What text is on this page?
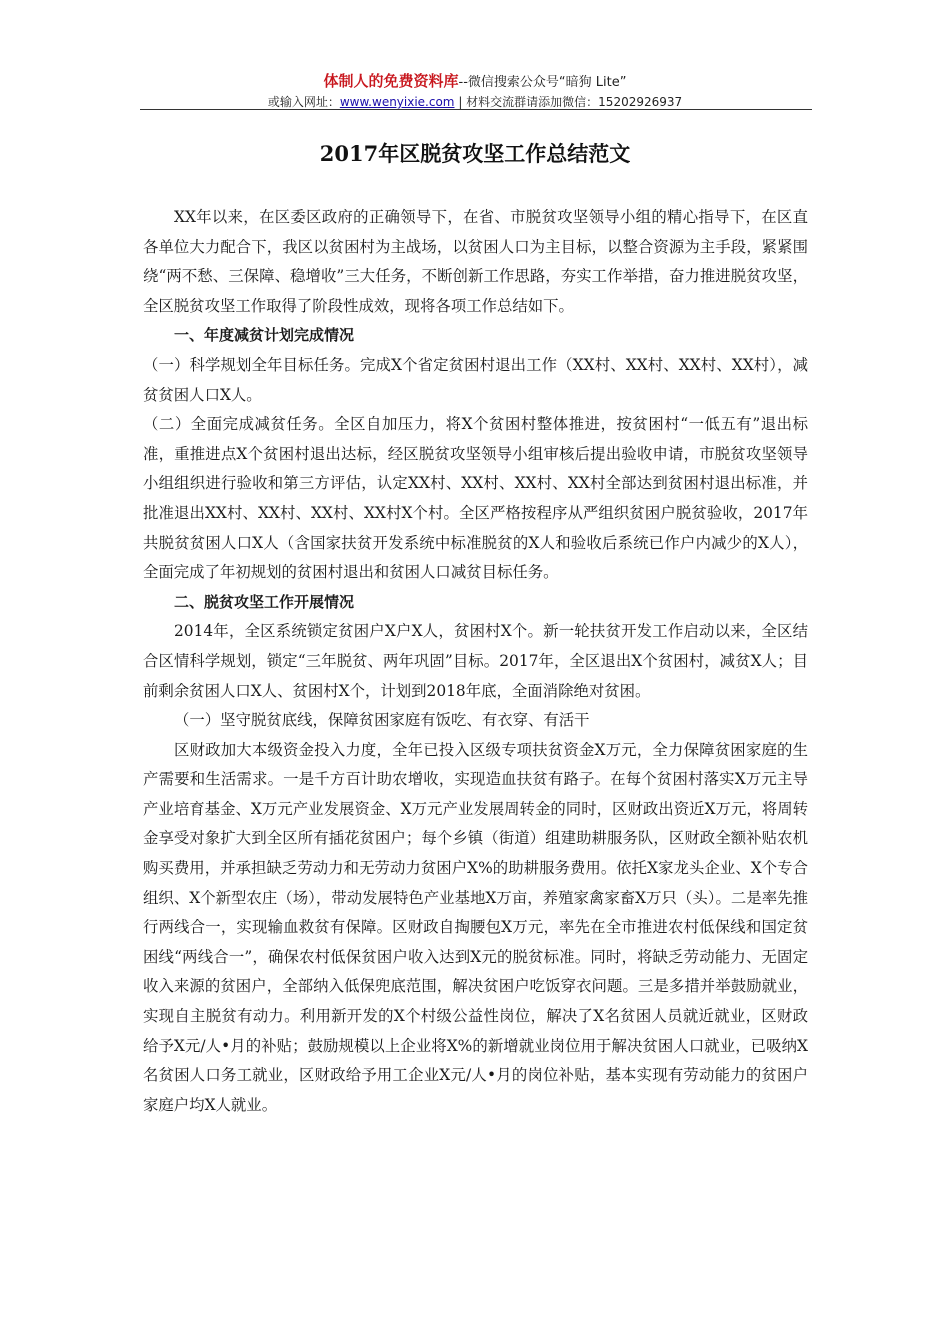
体制人的免费资料库--微信搜索公众号“暗狗 Lite”
或输入网址：www.wenyixie.com | 材料交流群请添加微信：15202926937
2017年区脱贫攻坚工作总结范文

XX年以来，在区委区政府的正确领导下，在省、市脱贫攻坚领导小组的精心指导下，在区直各单位大力配合下，我区以贫困村为主战场，以贫困人口为主目标，以整合资源为主手段，紧紧围绕“两不愁、三保障、稳增收”三大任务，不断创新工作思路，夯实工作举措，奋力推进脱贫攻坚，全区脱贫攻坚工作取得了阶段性成效，现将各项工作总结如下。

一、年度减贫计划完成情况

（一）科学规划全年目标任务。完成X个省定贫困村退出工作（XX村、XX村、XX村、XX村），减贫贫困人口X人。

（二）全面完成减贫任务。全区自加压力，将X个贫困村整体推进，按贫困村“一低五有”退出标准，重推进点X个贫困村退出达标，经区脱贫攻坚领导小组审核后提出验收申请，市脱贫攻坚领导小组组织进行验收和第三方评估，认定XX村、XX村、XX村、XX村全部达到贫困村退出标准，并批准退出XX村、XX村、XX村、XX村X个村。全区严格按程序从严组织贫困户脱贫验收，2017年共脱贫贫困人口X人（含国家扶贫开发系统中标准脱贫的X人和验收后系统已作户内减少的X人），全面完成了年初规划的贫困村退出和贫困人口减贫目标任务。

二、脱贫攻坚工作开展情况

2014年，全区系统锁定贫困户X户X人，贫困村X个。新一轮扶贫开发工作启动以来，全区结合区情科学规划，锁定“三年脱贫、两年巩固”目标。2017年，全区退出X个贫困村，减贫X人；目前剩余贫困人口X人、贫困村X个，计划到2018年底，全面消除绝对贫困。

（一）坚守脱贫底线，保障贫困家庭有饭吃、有衣穿、有活干

区财政加大本级资金投入力度，全年已投入区级专项扶贫资金X万元，全力保障贫困家庭的生产需要和生活需求。一是千方百计助农增收，实现造血扶贫有路子。在每个贫困村落实X万元主导产业培育基金、X万元产业发展资金、X万元产业发展周转金的同时，区财政出资近X万元，将周转金享受对象扩大到全区所有插花贫困户；每个乡镇（街道）组建助耕服务队，区财政全额补贴农机购买费用，并承担缺乏劳动力和无劳动力贫困户X%的助耕服务费用。依托X家龙头企业、X个专合组织、X个新型农庄（场），带动发展特色产业基地X万亩，养殖家禽家畜X万只（头）。二是率先推行两线合一，实现输血救贫有保障。区财政自掏腰包X万元，率先在全市推进农村低保线和国定贫困线“两线合一”，确保农村低保贫困户收入达到X元的脱贫标准。同时，将缺乏劳动能力、无固定收入来源的贫困户，全部纳入低保兜底范围，解决贫困户吃饭穿衣问题。三是多措并举鼓励就业，实现自主脱贫有动力。利用新开发的X个村级公益性岗位，解决了X名贫困人员就近就业，区财政给予X元/人•月的补贴；鼓励规模以上企业将X%的新增就业岗位用于解决贫困人口就业，已吸纳X名贫困人口务工就业，区财政给予用工企业X元/人•月的岗位补贴，基本实现有劳动能力的贫困户家庭户均X人就业。
